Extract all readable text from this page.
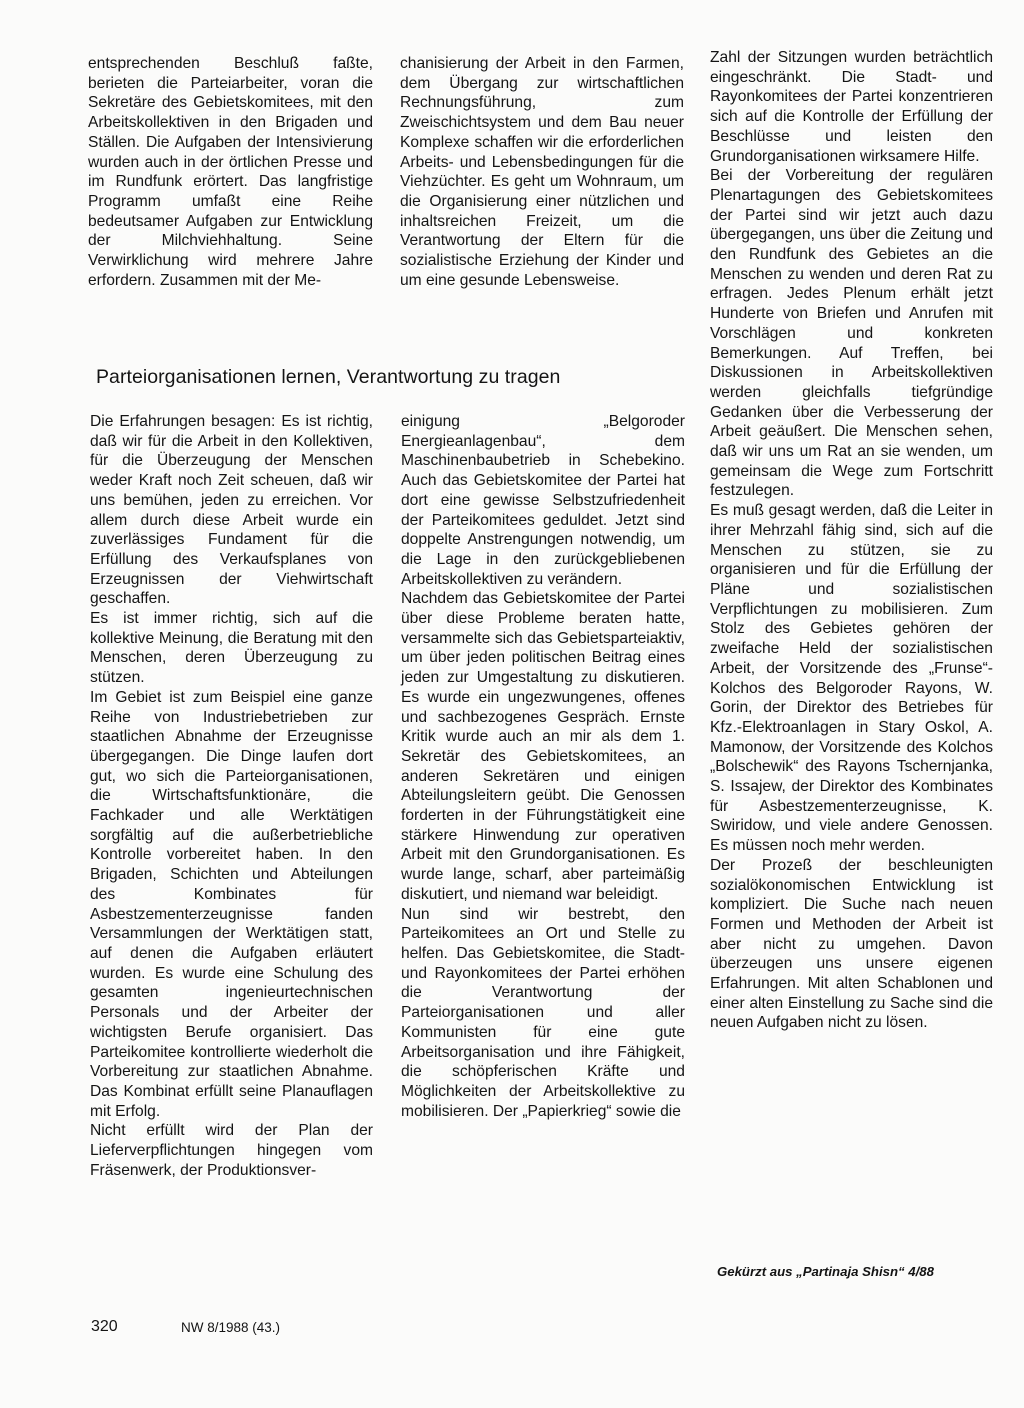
entsprechenden Beschluß faßte, berieten die Parteiarbeiter, voran die Sekretäre des Gebietskomitees, mit den Arbeitskollektiven in den Brigaden und Ställen. Die Aufgaben der Intensivierung wurden auch in der örtlichen Presse und im Rundfunk erörtert. Das langfristige Programm umfaßt eine Reihe bedeutsamer Aufgaben zur Entwicklung der Milchviehhaltung. Seine Verwirklichung wird mehrere Jahre erfordern. Zusammen mit der Me-

chanisierung der Arbeit in den Farmen, dem Übergang zur wirtschaftlichen Rechnungsführung, zum Zweischichtsystem und dem Bau neuer Komplexe schaffen wir die erforderlichen Arbeits- und Lebensbedingungen für die Viehzüchter. Es geht um Wohnraum, um die Organisierung einer nützlichen und inhaltsreichen Freizeit, um die Verantwortung der Eltern für die sozialistische Erziehung der Kinder und um eine gesunde Lebensweise.

Zahl der Sitzungen wurden beträchtlich eingeschränkt. Die Stadt- und Rayonkomitees der Partei konzentrieren sich auf die Kontrolle der Erfüllung der Beschlüsse und leisten den Grundorganisationen wirksamere Hilfe.

Bei der Vorbereitung der regulären Plenartagungen des Gebietskomitees der Partei sind wir jetzt auch dazu übergegangen, uns über die Zeitung und den Rundfunk des Gebietes an die Menschen zu wenden und deren Rat zu erfragen. Jedes Plenum erhält jetzt Hunderte von Briefen und Anrufen mit Vorschlägen und konkreten Bemerkungen. Auf Treffen, bei Diskussionen in Arbeitskollektiven werden gleichfalls tiefgründige Gedanken über die Verbesserung der Arbeit geäußert. Die Menschen sehen, daß wir uns um Rat an sie wenden, um gemeinsam die Wege zum Fortschritt festzulegen.

Es muß gesagt werden, daß die Leiter in ihrer Mehrzahl fähig sind, sich auf die Menschen zu stützen, sie zu organisieren und für die Erfüllung der Pläne und sozialistischen Verpflichtungen zu mobilisieren. Zum Stolz des Gebietes gehören der zweifache Held der sozialistischen Arbeit, der Vorsitzende des „Frunse“-Kolchos des Belgoroder Rayons, W. Gorin, der Direktor des Betriebes für Kfz.-Elektroanlagen in Stary Oskol, A. Mamonow, der Vorsitzende des Kolchos „Bolschewik“ des Rayons Tschernjanka, S. Issajew, der Direktor des Kombinates für Asbestzementerzeugnisse, K. Swiridow, und viele andere Genossen. Es müssen noch mehr werden.

Der Prozeß der beschleunigten sozialökonomischen Entwicklung ist kompliziert. Die Suche nach neuen Formen und Methoden der Arbeit ist aber nicht zu umgehen. Davon überzeugen uns unsere eigenen Erfahrungen. Mit alten Schablonen und einer alten Einstellung zu Sache sind die neuen Aufgaben nicht zu lösen.

Parteiorganisationen lernen, Verantwortung zu tragen

Die Erfahrungen besagen: Es ist richtig, daß wir für die Arbeit in den Kollektiven, für die Überzeugung der Menschen weder Kraft noch Zeit scheuen, daß wir uns bemühen, jeden zu erreichen. Vor allem durch diese Arbeit wurde ein zuverlässiges Fundament für die Erfüllung des Verkaufsplanes von Erzeugnissen der Viehwirtschaft geschaffen.

Es ist immer richtig, sich auf die kollektive Meinung, die Beratung mit den Menschen, deren Überzeugung zu stützen.

Im Gebiet ist zum Beispiel eine ganze Reihe von Industriebetrieben zur staatlichen Abnahme der Erzeugnisse übergegangen. Die Dinge laufen dort gut, wo sich die Parteiorganisationen, die Wirtschaftsfunktionäre, die Fachkader und alle Werktätigen sorgfältig auf die außerbetriebliche Kontrolle vorbereitet haben. In den Brigaden, Schichten und Abteilungen des Kombinates für Asbestzementerzeugnisse fanden Versammlungen der Werktätigen statt, auf denen die Aufgaben erläutert wurden. Es wurde eine Schulung des gesamten ingenieurtechnischen Personals und der Arbeiter der wichtigsten Berufe organisiert. Das Parteikomitee kontrollierte wiederholt die Vorbereitung zur staatlichen Abnahme. Das Kombinat erfüllt seine Planauflagen mit Erfolg.

Nicht erfüllt wird der Plan der Lieferverpflichtungen hingegen vom Fräsenwerk, der Produktionsver-

einigung „Belgoroder Energieanlagenbau“, dem Maschinenbaubetrieb in Schebekino. Auch das Gebietskomitee der Partei hat dort eine gewisse Selbstzufriedenheit der Parteikomitees geduldet. Jetzt sind doppelte Anstrengungen notwendig, um die Lage in den zurückgebliebenen Arbeitskollektiven zu verändern.

Nachdem das Gebietskomitee der Partei über diese Probleme beraten hatte, versammelte sich das Gebietsparteiaktiv, um über jeden politischen Beitrag eines jeden zur Umgestaltung zu diskutieren. Es wurde ein ungezwungenes, offenes und sachbezogenes Gespräch. Ernste Kritik wurde auch an mir als dem 1. Sekretär des Gebietskomitees, an anderen Sekretären und einigen Abteilungsleitern geübt. Die Genossen forderten in der Führungstätigkeit eine stärkere Hinwendung zur operativen Arbeit mit den Grundorganisationen. Es wurde lange, scharf, aber parteimäßig diskutiert, und niemand war beleidigt.

Nun sind wir bestrebt, den Parteikomitees an Ort und Stelle zu helfen. Das Gebietskomitee, die Stadt- und Rayonkomitees der Partei erhöhen die Verantwortung der Parteiorganisationen und aller Kommunisten für eine gute Arbeitsorganisation und ihre Fähigkeit, die schöpferischen Kräfte und Möglichkeiten der Arbeitskollektive zu mobilisieren. Der „Papierkrieg“ sowie die

Gekürzt aus „Partinaja Shisn“ 4/88
320	NW 8/1988 (43.)
